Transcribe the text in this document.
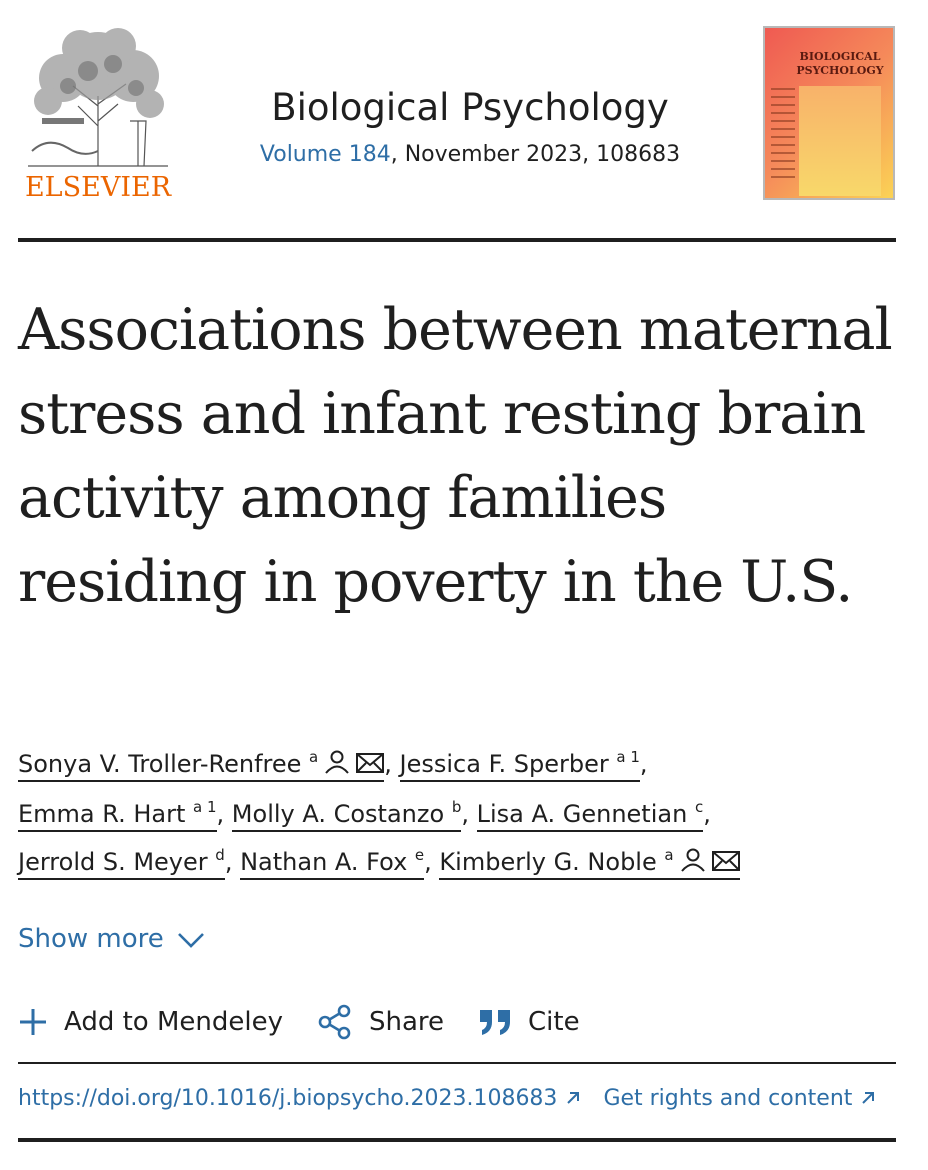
ELSEVIER
Biological Psychology
Volume 184, November 2023, 108683
BIOLOGICAL PSYCHOLOGY
Associations between maternal stress and infant resting brain activity among families residing in poverty in the U.S.
Sonya V. Troller-Renfree $^a$	, Jessica F. Sperber $^{a 1}$,
Emma R. Hart $^{a 1}$, Molly A. Costanzo $^b$, Lisa A. Gennetian $^c$,
Jerrold S. Meyer $^d$, Nathan A. Fox $^e$, Kimberly G. Noble $^a$
Show more
Add to Mendeley	Share	Cite
https://doi.org/10.1016/j.biopsycho.2023.108683 Get rights and content
